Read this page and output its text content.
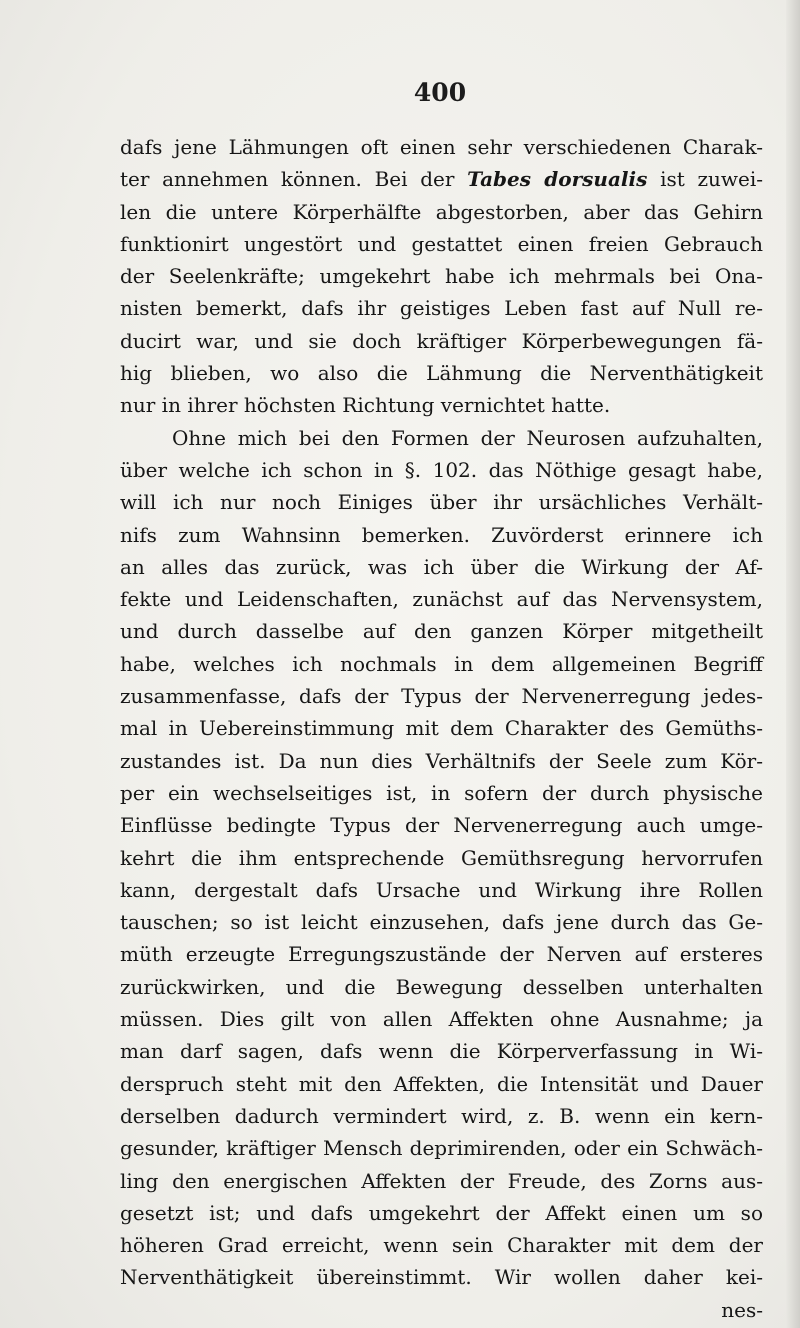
400
dafs jene Lähmungen oft einen sehr verschiedenen Charak-
ter annehmen können. Bei der Tabes dorsualis ist zuwei-
len die untere Körperhälfte abgestorben, aber das Gehirn
funktionirt ungestört und gestattet einen freien Gebrauch
der Seelenkräfte; umgekehrt habe ich mehrmals bei Ona-
nisten bemerkt, dafs ihr geistiges Leben fast auf Null re-
ducirt war, und sie doch kräftiger Körperbewegungen fä-
hig blieben, wo also die Lähmung die Nerventhätigkeit
nur in ihrer höchsten Richtung vernichtet hatte.
Ohne mich bei den Formen der Neurosen aufzuhalten,
über welche ich schon in §. 102. das Nöthige gesagt habe,
will ich nur noch Einiges über ihr ursächliches Verhält-
nifs zum Wahnsinn bemerken. Zuvörderst erinnere ich
an alles das zurück, was ich über die Wirkung der Af-
fekte und Leidenschaften, zunächst auf das Nervensystem,
und durch dasselbe auf den ganzen Körper mitgetheilt
habe, welches ich nochmals in dem allgemeinen Begriff
zusammenfasse, dafs der Typus der Nervenerregung jedes-
mal in Uebereinstimmung mit dem Charakter des Gemüths-
zustandes ist. Da nun dies Verhältnifs der Seele zum Kör-
per ein wechselseitiges ist, in sofern der durch physische
Einflüsse bedingte Typus der Nervenerregung auch umge-
kehrt die ihm entsprechende Gemüthsregung hervorrufen
kann, dergestalt dafs Ursache und Wirkung ihre Rollen
tauschen; so ist leicht einzusehen, dafs jene durch das Ge-
müth erzeugte Erregungszustände der Nerven auf ersteres
zurückwirken, und die Bewegung desselben unterhalten
müssen. Dies gilt von allen Affekten ohne Ausnahme; ja
man darf sagen, dafs wenn die Körperverfassung in Wi-
derspruch steht mit den Affekten, die Intensität und Dauer
derselben dadurch vermindert wird, z. B. wenn ein kern-
gesunder, kräftiger Mensch deprimirenden, oder ein Schwäch-
ling den energischen Affekten der Freude, des Zorns aus-
gesetzt ist; und dafs umgekehrt der Affekt einen um so
höheren Grad erreicht, wenn sein Charakter mit dem der
Nerventhätigkeit übereinstimmt. Wir wollen daher kei-
nes-
